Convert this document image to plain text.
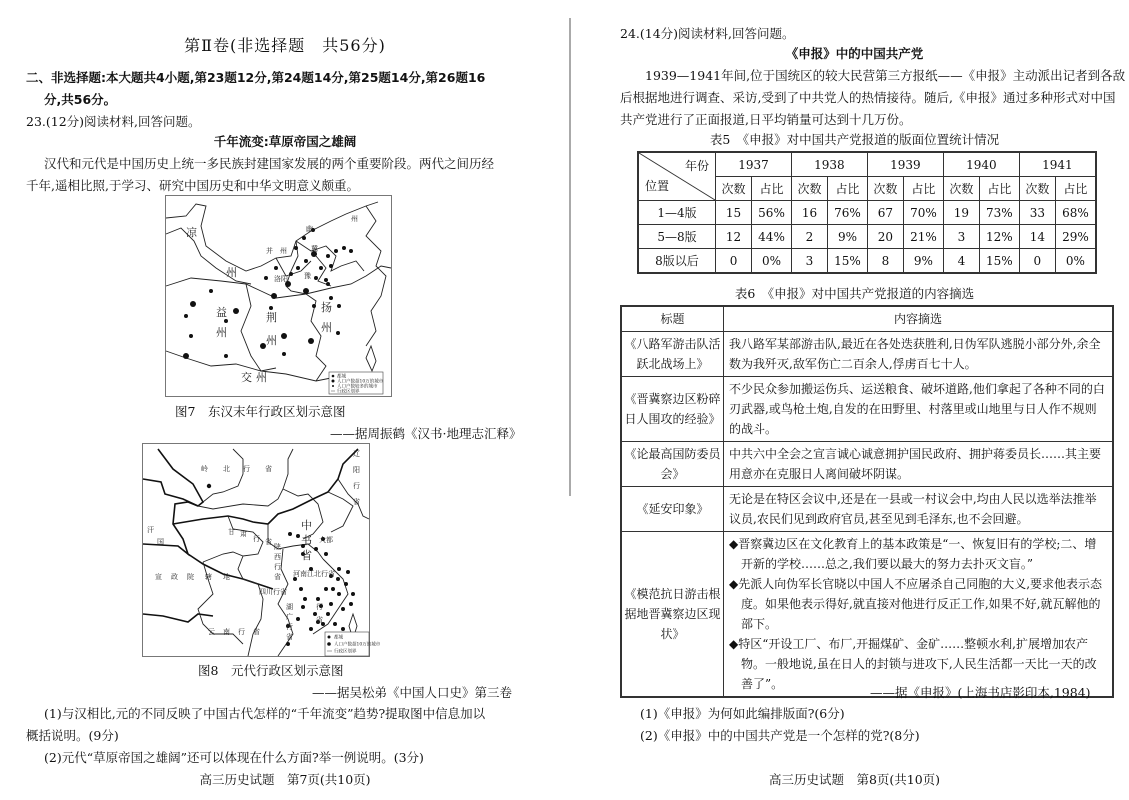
第Ⅱ卷(非选择题　共56分)
二、非选择题:本大题共4小题,第23题12分,第24题14分,第25题14分,第26题16
分,共56分。
23.(12分)阅读材料,回答问题。
千年流变:草原帝国之雄阔
汉代和元代是中国历史上统一多民族封建国家发展的两个重要阶段。两代之间历经
千年,遥相比照,于学习、研究中国历史和中华文明意义颇重。
凉
州
益
州
荆
州
扬
州
交 州
并 州
幽
冀
豫
洛阳
州
都城
人口户数超10万的城市
人口户数较多的城市
行政区划界
图7　东汉末年行政区划示意图
——据周振鹤《汉书·地理志汇释》
岭 北 行 省
辽
阳
行
省
中
书
省
汗
国
宣 政 院 辖 地
甘 肃
行 省
陕
西
行
省 河南江北行省
四川行省
云 南 行 省
湖
广
行
省
行
省
大都
都城
人口户数超10万的城市
行政区划界
图8　元代行政区划示意图
——据吴松弟《中国人口史》第三卷
(1)与汉相比,元的不同反映了中国古代怎样的“千年流变”趋势?提取图中信息加以
概括说明。(9分)
(2)元代“草原帝国之雄阔”还可以体现在什么方面?举一例说明。(3分)
高三历史试题　第7页(共10页)
24.(14分)阅读材料,回答问题。
《申报》中的中国共产党
1939—1941年间,位于国统区的较大民营第三方报纸——《申报》主动派出记者到各敌
后根据地进行调查、采访,受到了中共党人的热情接待。随后,《申报》通过多种形式对中国
共产党进行了正面报道,日平均销量可达到十几万份。
表5　《申报》对中国共产党报道的版面位置统计情况
年份
位置	1937		1938		1939		1940		1941	
	次数	占比	次数	占比	次数	占比	次数	占比	次数	占比
1—4版	15	56%	16	76%	67	70%	19	73%	33	68%
5—8版	12	44%	2	9%	20	21%	3	12%	14	29%
8版以后	0	0%	3	15%	8	9%	4	15%	0	0%
表6　《申报》对中国共产党报道的内容摘选
标题	内容摘选
《八路军游击队活跃北战场上》	我八路军某部游击队,最近在各处迭获胜利,日伪军队逃脱小部分外,余全数为我歼灭,敌军伤亡二百余人,俘虏百七十人。
《晋冀察边区粉碎日人围攻的经验》	不少民众参加搬运伤兵、运送粮食、破坏道路,他们拿起了各种不同的白刃武器,或鸟枪土炮,自发的在田野里、村落里或山地里与日人作不规则的战斗。
《论最高国防委员会》	中共六中全会之宣言诚心诚意拥护国民政府、拥护蒋委员长……其主要用意亦在克服日人离间破坏阴谋。
《延安印象》	无论是在特区会议中,还是在一县或一村议会中,均由人民以选举法推举议员,农民们见到政府官员,甚至见到毛泽东,也不会回避。
《模范抗日游击根据地晋冀察边区现状》	◆晋察冀边区在文化教育上的基本政策是“一、恢复旧有的学校;二、增开新的学校……总之,我们要以最大的努力去扑灭文盲。”
◆先派人向伪军长官晓以中国人不应屠杀自己同胞的大义,要求他表示态度。如果他表示得好,就直接对他进行反正工作,如果不好,就瓦解他的部下。
◆特区“开设工厂、布厂,开掘煤矿、金矿……整顿水利,扩展增加农产物。一般地说,虽在日人的封锁与进攻下,人民生活都一天比一天的改善了”。
——据《申报》(上海书店影印本,1984)
(1)《申报》为何如此编排版面?(6分)
(2)《申报》中的中国共产党是一个怎样的党?(8分)
高三历史试题　第8页(共10页)
